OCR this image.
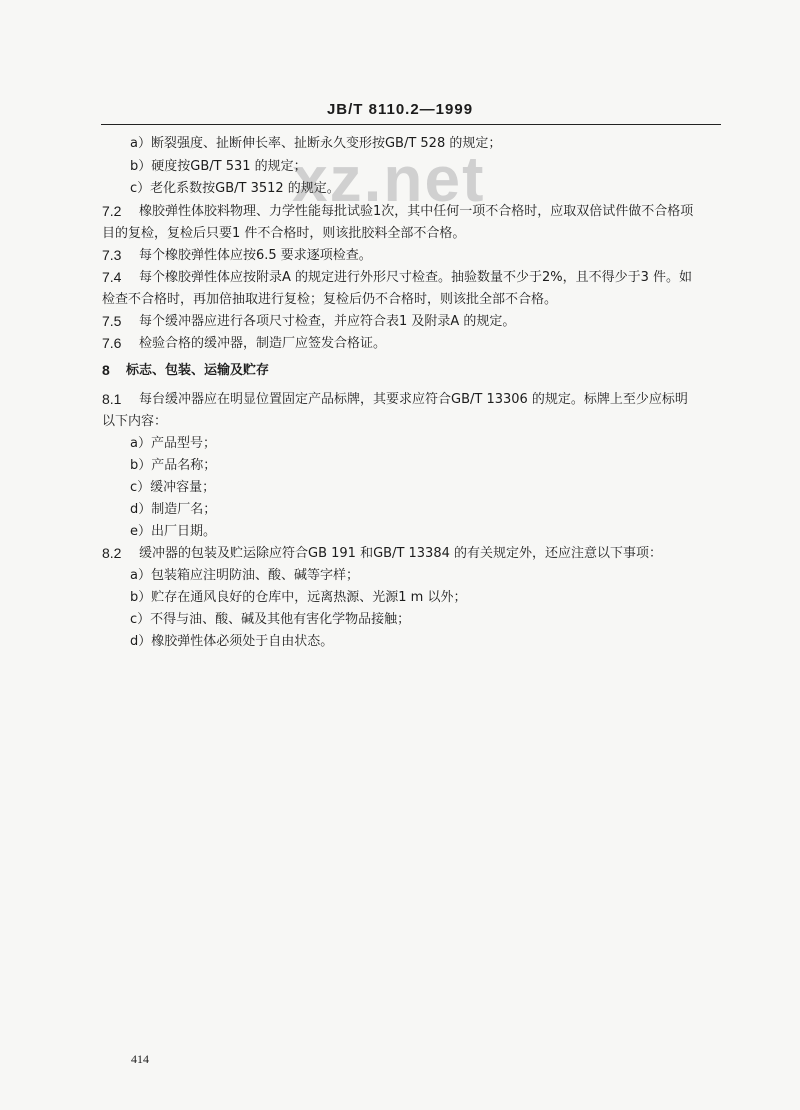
xz.net
JB/T 8110.2—1999
a）断裂强度、扯断伸长率、扯断永久变形按GB/T 528 的规定；
b）硬度按GB/T 531 的规定；
c）老化系数按GB/T 3512 的规定。
7.2 橡胶弹性体胶料物理、力学性能每批试验1次，其中任何一项不合格时，应取双倍试件做不合格项
目的复检，复检后只要1 件不合格时，则该批胶料全部不合格。
7.3 每个橡胶弹性体应按6.5 要求逐项检查。
7.4 每个橡胶弹性体应按附录A 的规定进行外形尺寸检查。抽验数量不少于2%，且不得少于3 件。如
检查不合格时，再加倍抽取进行复检；复检后仍不合格时，则该批全部不合格。
7.5 每个缓冲器应进行各项尺寸检查，并应符合表1 及附录A 的规定。
7.6 检验合格的缓冲器，制造厂应签发合格证。
8 标志、包装、运输及贮存
8.1 每台缓冲器应在明显位置固定产品标牌，其要求应符合GB/T 13306 的规定。标牌上至少应标明
以下内容：
a）产品型号；
b）产品名称；
c）缓冲容量；
d）制造厂名；
e）出厂日期。
8.2 缓冲器的包装及贮运除应符合GB 191 和GB/T 13384 的有关规定外，还应注意以下事项：
a）包装箱应注明防油、酸、碱等字样；
b）贮存在通风良好的仓库中，远离热源、光源1 m 以外；
c）不得与油、酸、碱及其他有害化学物品接触；
d）橡胶弹性体必须处于自由状态。
414
